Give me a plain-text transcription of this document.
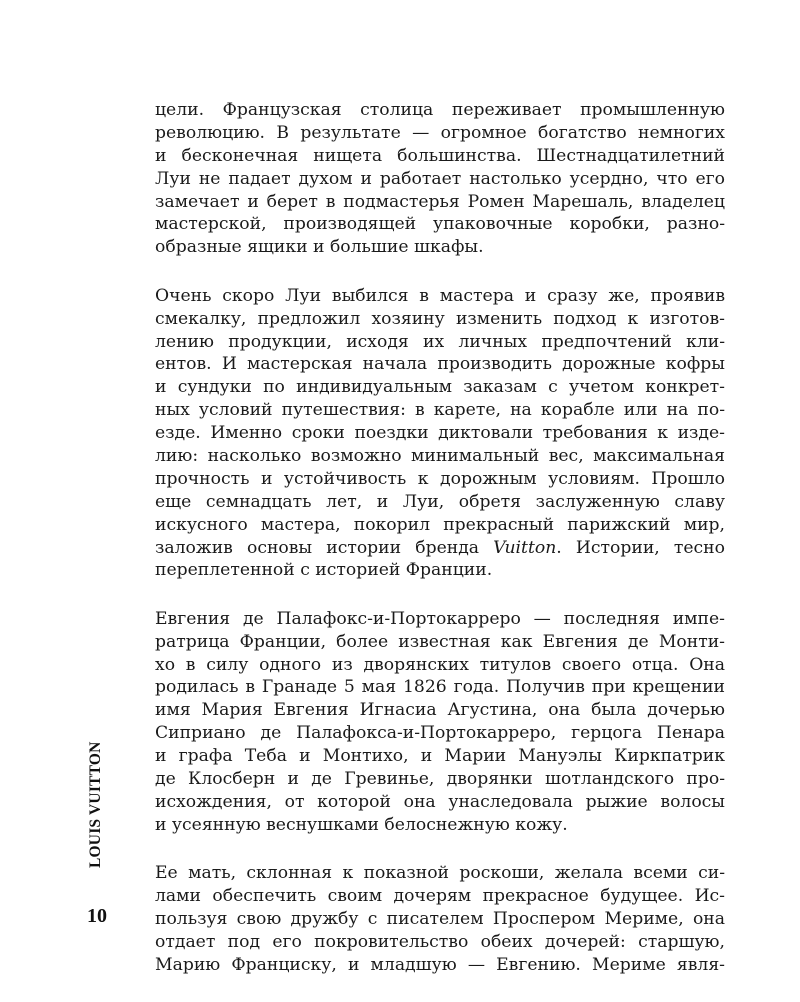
цели. Французская столица переживает промышленную
революцию. В результате — огромное богатство немногих
и бесконечная нищета большинства. Шестнадцатилетний
Луи не падает духом и работает настолько усердно, что его
замечает и берет в подмастерья Ромен Марешаль, владелец
мастерской, производящей упаковочные коробки, разно-
образные ящики и большие шкафы.
Очень скоро Луи выбился в мастера и сразу же, проявив
смекалку, предложил хозяину изменить подход к изготов-
лению продукции, исходя их личных предпочтений кли-
ентов. И мастерская начала производить дорожные кофры
и сундуки по индивидуальным заказам с учетом конкрет-
ных условий путешествия: в карете, на корабле или на по-
езде. Именно сроки поездки диктовали требования к изде-
лию: насколько возможно минимальный вес, максимальная
прочность и устойчивость к дорожным условиям. Прошло
еще семнадцать лет, и Луи, обретя заслуженную славу
искусного мастера, покорил прекрасный парижский мир,
заложив основы истории бренда Vuitton. Истории, тесно
переплетенной с историей Франции.
Евгения де Палафокс-и-Портокарреро — последняя импе-
ратрица Франции, более известная как Евгения де Монти-
хо в силу одного из дворянских титулов своего отца. Она
родилась в Гранаде 5 мая 1826 года. Получив при крещении
имя Мария Евгения Игнасиа Агустина, она была дочерью
Сиприано де Палафокса-и-Портокарреро, герцога Пенара
и графа Теба и Монтихо, и Марии Мануэлы Киркпатрик
де Клосберн и де Гревинье, дворянки шотландского про-
исхождения, от которой она унаследовала рыжие волосы
и усеянную веснушками белоснежную кожу.
Ее мать, склонная к показной роскоши, желала всеми си-
лами обеспечить своим дочерям прекрасное будущее. Ис-
пользуя свою дружбу с писателем Проспером Мериме, она
отдает под его покровительство обеих дочерей: старшую,
Марию Франциску, и младшую — Евгению. Мериме явля-
LOUIS VUITTON
10
